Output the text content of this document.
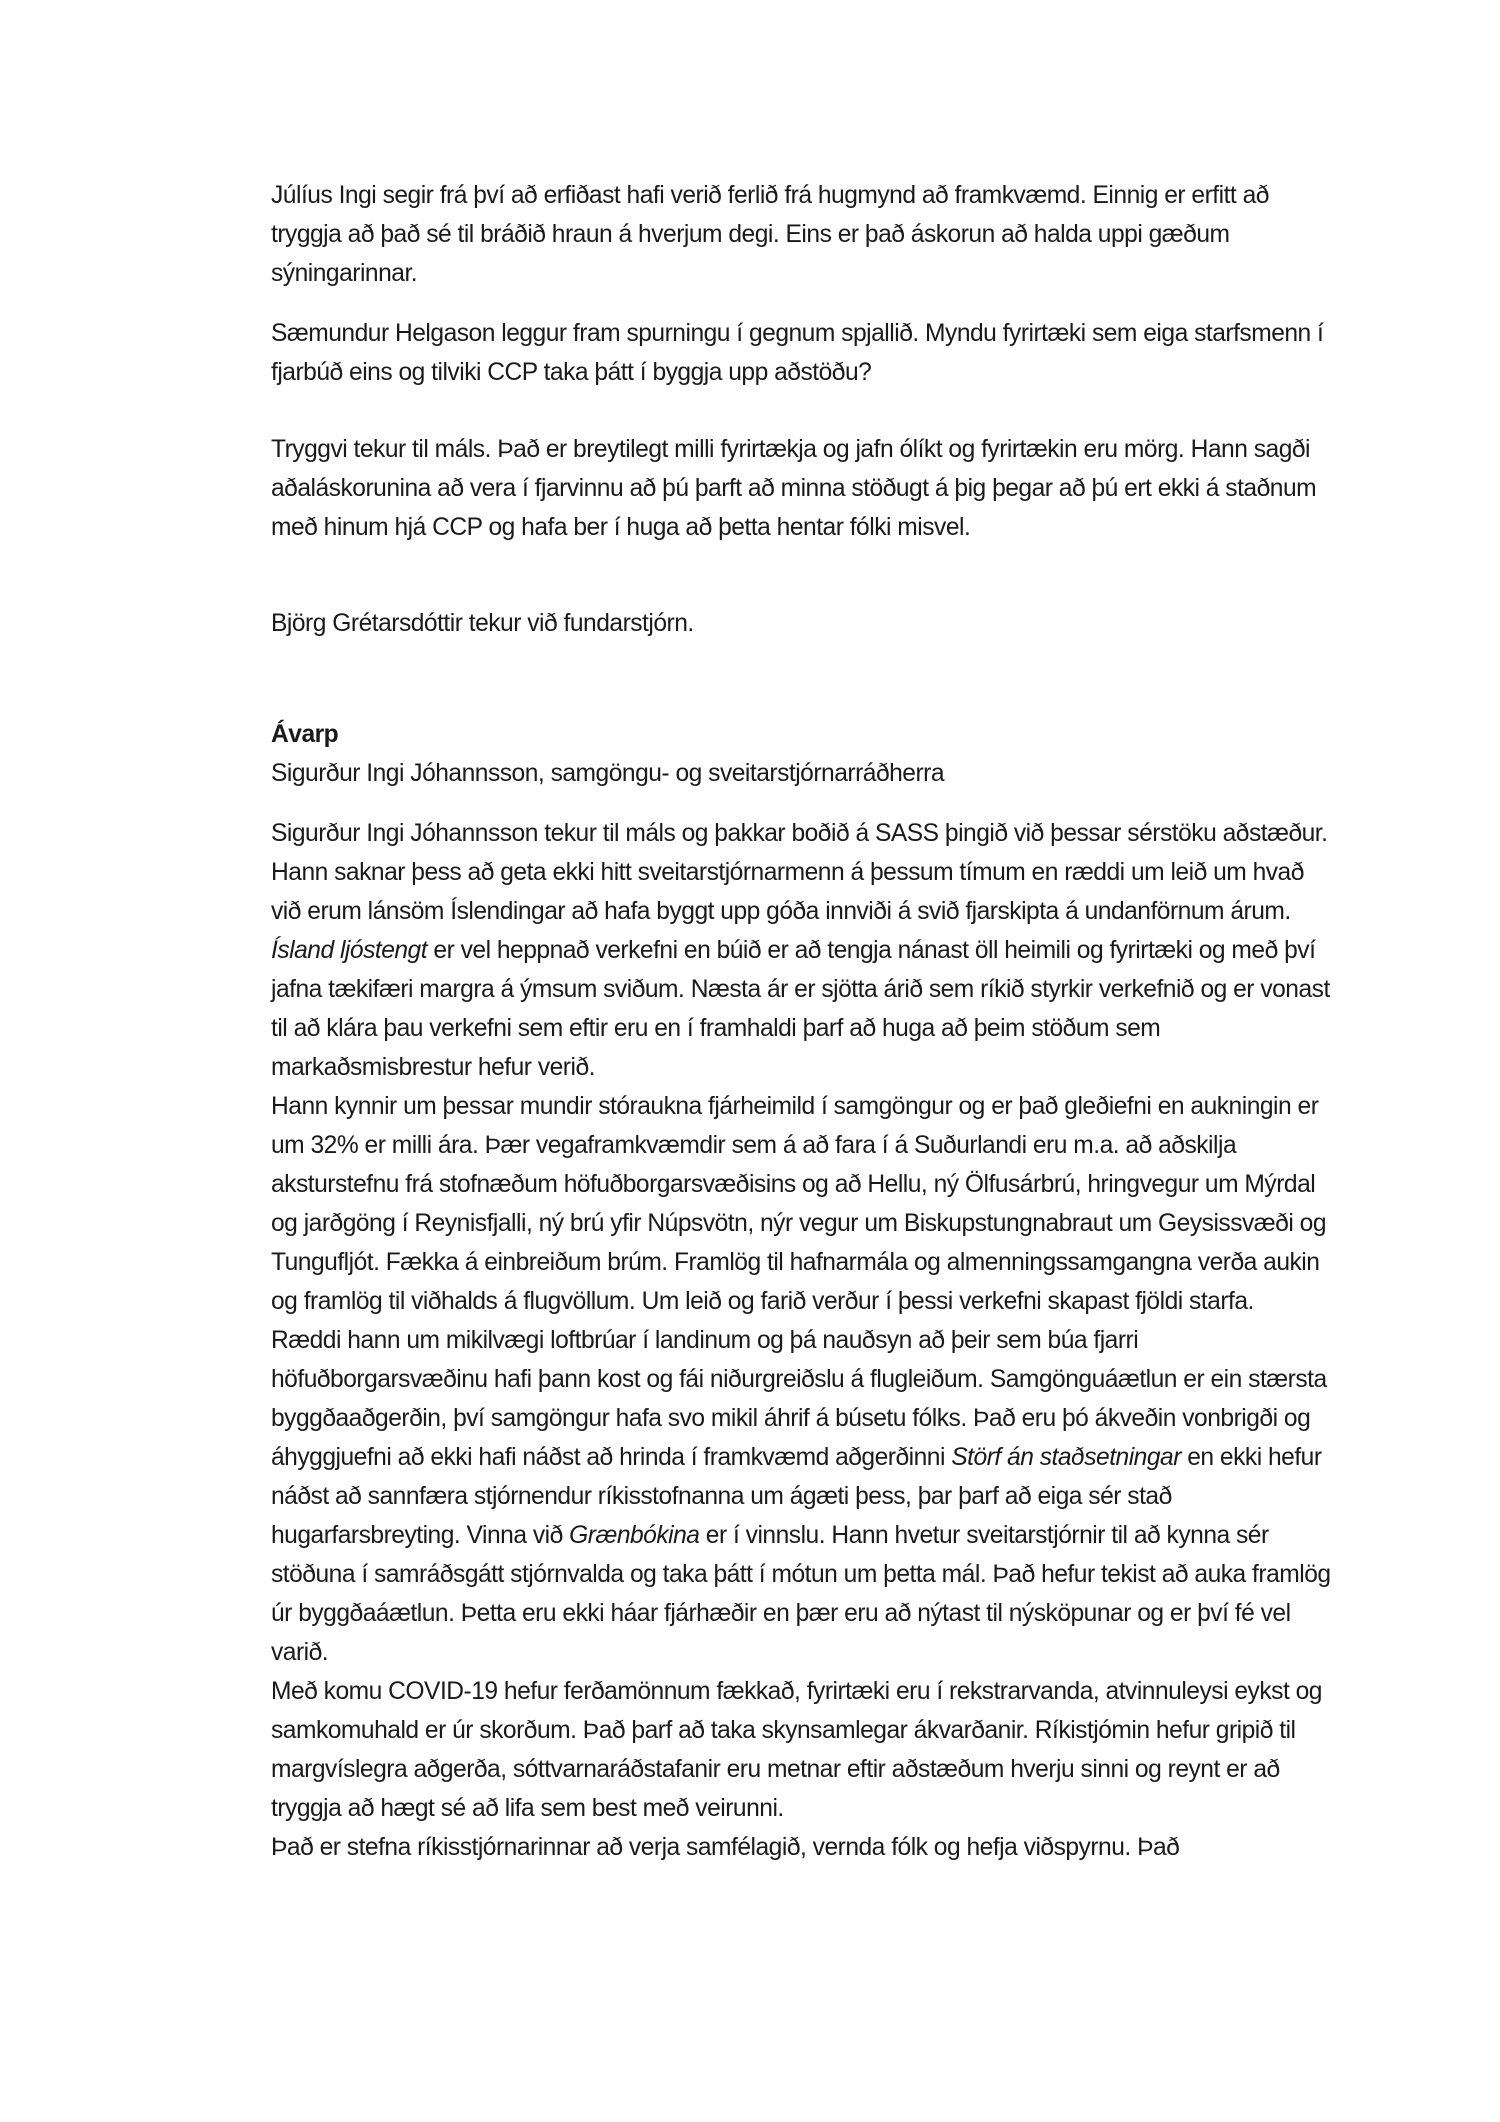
Júlíus Ingi segir frá því að erfiðast hafi verið ferlið frá hugmynd að framkvæmd. Einnig er erfitt að tryggja að það sé til bráðið hraun á hverjum degi. Eins er það áskorun að halda uppi gæðum sýningarinnar.

Sæmundur Helgason leggur fram spurningu í gegnum spjallið. Myndu fyrirtæki sem eiga starfsmenn í fjarbúð eins og tilviki CCP taka þátt í byggja upp aðstöðu?

Tryggvi tekur til máls. Það er breytilegt milli fyrirtækja og jafn ólíkt og fyrirtækin eru mörg. Hann sagði aðaláskorunina að vera í fjarvinnu að þú þarft að minna stöðugt á þig þegar að þú ert ekki á staðnum með hinum hjá CCP og hafa ber í huga að þetta hentar fólki misvel.

Björg Grétarsdóttir tekur við fundarstjórn.

Ávarp

Sigurður Ingi Jóhannsson, samgöngu- og sveitarstjórnarráðherra

Sigurður Ingi Jóhannsson tekur til máls og þakkar boðið á SASS þingið við þessar sérstöku aðstæður. Hann saknar þess að geta ekki hitt sveitarstjórnarmenn á þessum tímum en ræddi um leið um hvað við erum lánsöm Íslendingar að hafa byggt upp góða innviði á svið fjarskipta á undanförnum árum.

Ísland ljóstengt er vel heppnað verkefni en búið er að tengja nánast öll heimili og fyrirtæki og með því jafna tækifæri margra á ýmsum sviðum. Næsta ár er sjötta árið sem ríkið styrkir verkefnið og er vonast til að klára þau verkefni sem eftir eru en í framhaldi þarf að huga að þeim stöðum sem markaðsmisbrestur hefur verið.

Hann kynnir um þessar mundir stóraukna fjárheimild í samgöngur og er það gleðiefni en aukningin er um 32% er milli ára. Þær vegaframkvæmdir sem á að fara í á Suðurlandi eru m.a. að aðskilja aksturstefnu frá stofnæðum höfuðborgarsvæðisins og að Hellu, ný Ölfusárbrú, hringvegur um Mýrdal og jarðgöng í Reynisfjalli, ný brú yfir Núpsvötn, nýr vegur um Biskupstungnabraut um Geysissvæði og Tungufljót. Fækka á einbreiðum brúm. Framlög til hafnarmála og almenningssamgangna verða aukin og framlög til viðhalds á flugvöllum. Um leið og farið verður í þessi verkefni skapast fjöldi starfa.

Ræddi hann um mikilvægi loftbrúar í landinum og þá nauðsyn að þeir sem búa fjarri höfuðborgarsvæðinu hafi þann kost og fái niðurgreiðslu á flugleiðum. Samgönguáætlun er ein stærsta byggðaaðgerðin, því samgöngur hafa svo mikil áhrif á búsetu fólks. Það eru þó ákveðin vonbrigði og áhyggjuefni að ekki hafi náðst að hrinda í framkvæmd aðgerðinni Störf án staðsetningar en ekki hefur náðst að sannfæra stjórnendur ríkisstofnanna um ágæti þess, þar þarf að eiga sér stað hugarfarsbreyting. Vinna við Grænbókina er í vinnslu. Hann hvetur sveitarstjórnir til að kynna sér stöðuna í samráðsgátt stjórnvalda og taka þátt í mótun um þetta mál. Það hefur tekist að auka framlög úr byggðaáætlun. Þetta eru ekki háar fjárhæðir en þær eru að nýtast til nýsköpunar og er því fé vel varið.

Með komu COVID-19 hefur ferðamönnum fækkað, fyrirtæki eru í rekstrarvanda, atvinnuleysi eykst og samkomuhald er úr skorðum. Það þarf að taka skynsamlegar ákvarðanir. Ríkistjómin hefur gripið til margvíslegra aðgerða, sóttvarnaráðstafanir eru metnar eftir aðstæðum hverju sinni og reynt er að tryggja að hægt sé að lifa sem best með veirunni.

Það er stefna ríkisstjórnarinnar að verja samfélagið, vernda fólk og hefja viðspyrnu. Það
